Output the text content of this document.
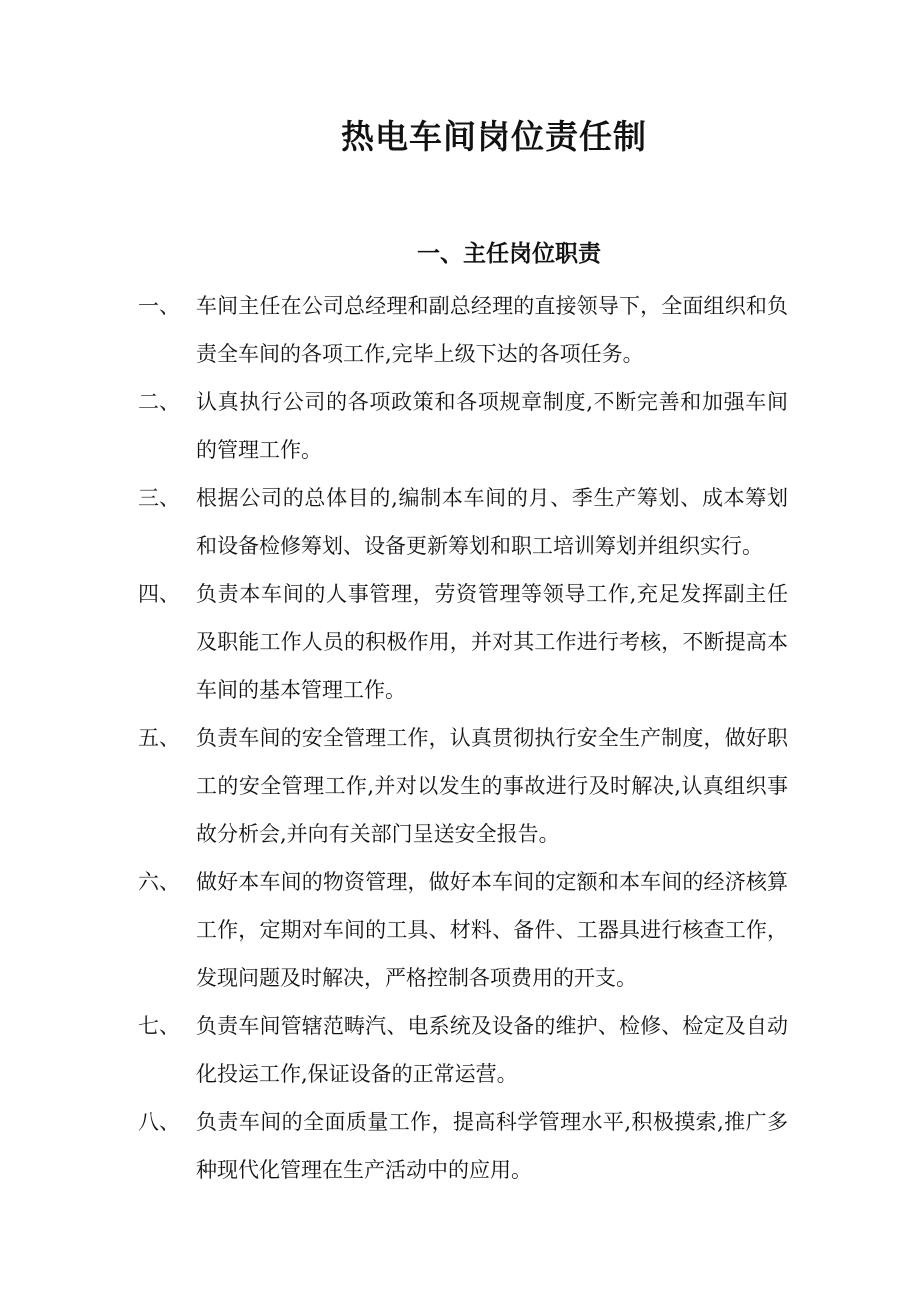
热电车间岗位责任制
一、主任岗位职责
一、 车间主任在公司总经理和副总经理的直接领导下，全面组织和负责全车间的各项工作,完毕上级下达的各项任务。
二、 认真执行公司的各项政策和各项规章制度,不断完善和加强车间的管理工作。
三、 根据公司的总体目的,编制本车间的月、季生产筹划、成本筹划和设备检修筹划、设备更新筹划和职工培训筹划并组织实行。
四、 负责本车间的人事管理，劳资管理等领导工作,充足发挥副主任及职能工作人员的积极作用，并对其工作进行考核，不断提高本车间的基本管理工作。
五、 负责车间的安全管理工作，认真贯彻执行安全生产制度，做好职工的安全管理工作,并对以发生的事故进行及时解决,认真组织事故分析会,并向有关部门呈送安全报告。
六、 做好本车间的物资管理，做好本车间的定额和本车间的经济核算工作，定期对车间的工具、材料、备件、工器具进行核查工作，发现问题及时解决，严格控制各项费用的开支。
七、 负责车间管辖范畴汽、电系统及设备的维护、检修、检定及自动化投运工作,保证设备的正常运营。
八、 负责车间的全面质量工作，提高科学管理水平,积极摸索,推广多种现代化管理在生产活动中的应用。
